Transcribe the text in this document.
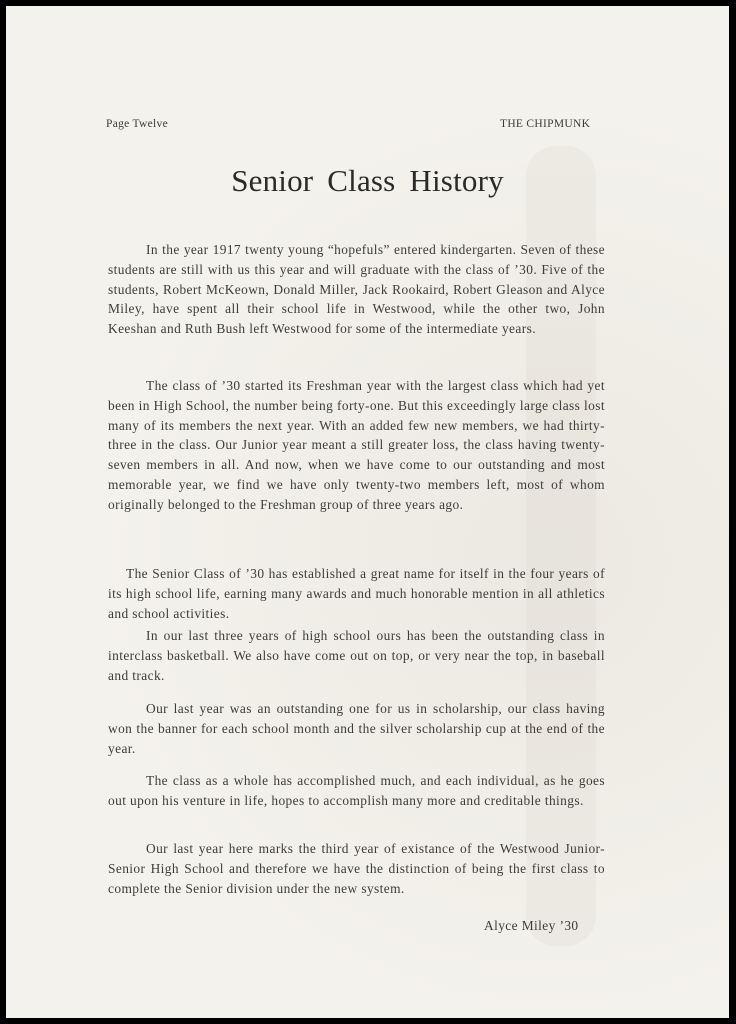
Page Twelve	THE CHIPMUNK
Senior Class History

In the year 1917 twenty young “hopefuls” entered kindergarten. Seven of these students are still with us this year and will graduate with the class of ’30. Five of the students, Robert McKeown, Donald Miller, Jack Rookaird, Robert Gleason and Alyce Miley, have spent all their school life in Westwood, while the other two, John Keeshan and Ruth Bush left Westwood for some of the intermediate years.

The class of ’30 started its Freshman year with the largest class which had yet been in High School, the number being forty-one. But this exceedingly large class lost many of its members the next year. With an added few new members, we had thirty-three in the class. Our Junior year meant a still greater loss, the class having twenty-seven members in all. And now, when we have come to our outstanding and most memorable year, we find we have only twenty-two members left, most of whom originally belonged to the Freshman group of three years ago.

The Senior Class of ’30 has established a great name for itself in the four years of its high school life, earning many awards and much honorable mention in all athletics and school activities.

In our last three years of high school ours has been the outstanding class in interclass basketball. We also have come out on top, or very near the top, in baseball and track.

Our last year was an outstanding one for us in scholarship, our class having won the banner for each school month and the silver scholarship cup at the end of the year.

The class as a whole has accomplished much, and each individual, as he goes out upon his venture in life, hopes to accomplish many more and creditable things.

Our last year here marks the third year of existance of the Westwood Junior-Senior High School and therefore we have the distinction of being the first class to complete the Senior division under the new system.

Alyce Miley ’30
